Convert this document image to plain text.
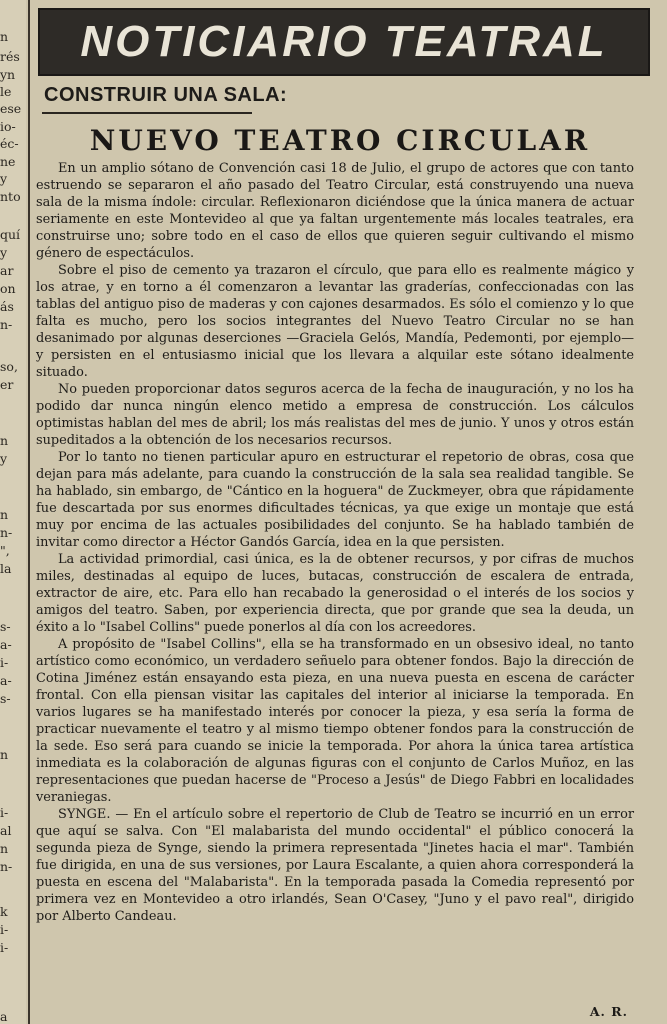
n
rés
yn
le
ese
io-
éc-
ne
y
nto
quí
y
ar
on
ás
n-
so,
er
n
y
n
n-
",
la
s-
a-
i-
a-
s-
n
i-
al
n
n-
k
i-
i-
a
NOTICIARIO TEATRAL
CONSTRUIR UNA SALA:
NUEVO TEATRO CIRCULAR

En un amplio sótano de Convención casi 18 de Julio, el grupo de actores que con tanto estruendo se separaron el año pasado del Teatro Circular, está construyendo una nueva sala de la misma índole: circular. Reflexionaron diciéndose que la única manera de actuar seriamente en este Montevideo al que ya faltan urgentemente más locales teatrales, era construirse uno; sobre todo en el caso de ellos que quieren seguir cultivando el mismo género de espectáculos.

Sobre el piso de cemento ya trazaron el círculo, que para ello es realmente mágico y los atrae, y en torno a él comenzaron a levantar las graderías, confeccionadas con las tablas del antiguo piso de maderas y con cajones desarmados. Es sólo el comienzo y lo que falta es mucho, pero los socios integrantes del Nuevo Teatro Circular no se han desanimado por algunas deserciones —Graciela Gelós, Mandía, Pedemonti, por ejemplo— y persisten en el entusiasmo inicial que los llevara a alquilar este sótano idealmente situado.

No pueden proporcionar datos seguros acerca de la fecha de inauguración, y no los ha podido dar nunca ningún elenco metido a empresa de construcción. Los cálculos optimistas hablan del mes de abril; los más realistas del mes de junio. Y unos y otros están supeditados a la obtención de los necesarios recursos.

Por lo tanto no tienen particular apuro en estructurar el repetorio de obras, cosa que dejan para más adelante, para cuando la construcción de la sala sea realidad tangible. Se ha hablado, sin embargo, de "Cántico en la hoguera" de Zuckmeyer, obra que rápidamente fue descartada por sus enormes dificultades técnicas, ya que exige un montaje que está muy por encima de las actuales posibilidades del conjunto. Se ha hablado también de invitar como director a Héctor Gandós García, idea en la que persisten.

La actividad primordial, casi única, es la de obtener recursos, y por cifras de muchos miles, destinadas al equipo de luces, butacas, construcción de escalera de entrada, extractor de aire, etc. Para ello han recabado la generosidad o el interés de los socios y amigos del teatro. Saben, por experiencia directa, que por grande que sea la deuda, un éxito a lo "Isabel Collins" puede ponerlos al día con los acreedores.

A propósito de "Isabel Collins", ella se ha transformado en un obsesivo ideal, no tanto artístico como económico, un verdadero señuelo para obtener fondos. Bajo la dirección de Cotina Jiménez están ensayando esta pieza, en una nueva puesta en escena de carácter frontal. Con ella piensan visitar las capitales del interior al iniciarse la temporada. En varios lugares se ha manifestado interés por conocer la pieza, y esa sería la forma de practicar nuevamente el teatro y al mismo tiempo obtener fondos para la construcción de la sede. Eso será para cuando se inicie la temporada. Por ahora la única tarea artística inmediata es la colaboración de algunas figuras con el conjunto de Carlos Muñoz, en las representaciones que puedan hacerse de "Proceso a Jesús" de Diego Fabbri en localidades veraniegas.

SYNGE. — En el artículo sobre el repertorio de Club de Teatro se incurrió en un error que aquí se salva. Con "El malabarista del mundo occidental" el público conocerá la segunda pieza de Synge, siendo la primera representada "Jinetes hacia el mar". También fue dirigida, en una de sus versiones, por Laura Escalante, a quien ahora corresponderá la puesta en escena del "Malabarista". En la temporada pasada la Comedia representó por primera vez en Montevideo a otro irlandés, Sean O'Casey, "Juno y el pavo real", dirigido por Alberto Candeau.

A. R.
